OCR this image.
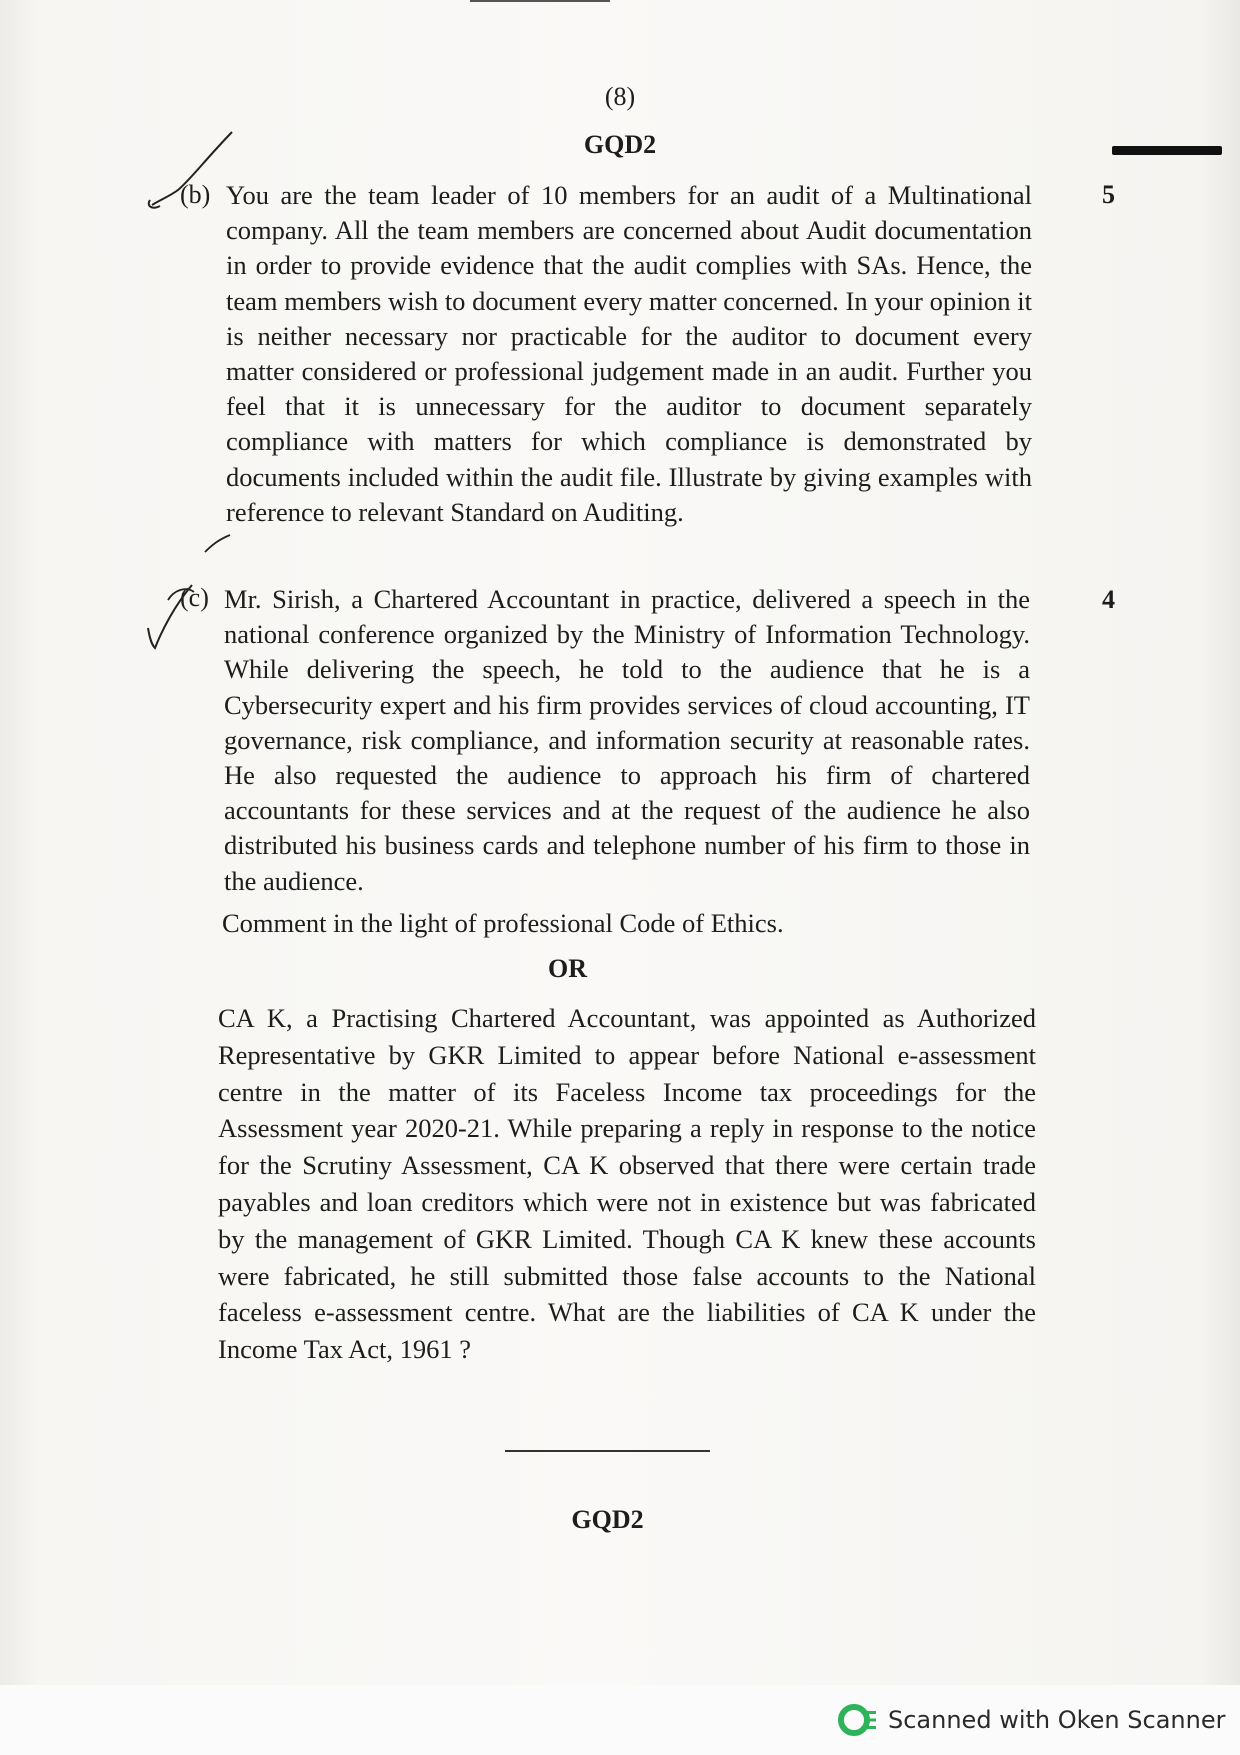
(8)
GQD2
(b)	5

You are the team leader of 10 members for an audit of a Multinational company. All the team members are concerned about Audit documentation in order to provide evidence that the audit complies with SAs. Hence, the team members wish to document every matter concerned. In your opinion it is neither necessary nor practicable for the auditor to document every matter considered or professional judgement made in an audit. Further you feel that it is unnecessary for the auditor to document separately compliance with matters for which compliance is demonstrated by documents included within the audit file. Illustrate by giving examples with reference to relevant Standard on Auditing.

(c)	4

Mr. Sirish, a Chartered Accountant in practice, delivered a speech in the national conference organized by the Ministry of Information Technology. While delivering the speech, he told to the audience that he is a Cybersecurity expert and his firm provides services of cloud accounting, IT governance, risk compliance, and information security at reasonable rates. He also requested the audience to approach his firm of chartered accountants for these services and at the request of the audience he also distributed his business cards and telephone number of his firm to those in the audience.

Comment in the light of professional Code of Ethics.
OR

CA K, a Practising Chartered Accountant, was appointed as Authorized Representative by GKR Limited to appear before National e-assessment centre in the matter of its Faceless Income tax proceedings for the Assessment year 2020-21. While preparing a reply in response to the notice for the Scrutiny Assessment, CA K observed that there were certain trade payables and loan creditors which were not in existence but was fabricated by the management of GKR Limited. Though CA K knew these accounts were fabricated, he still submitted those false accounts to the National faceless e-assessment centre. What are the liabilities of CA K under the Income Tax Act, 1961 ?

GQD2
Scanned with Oken Scanner
